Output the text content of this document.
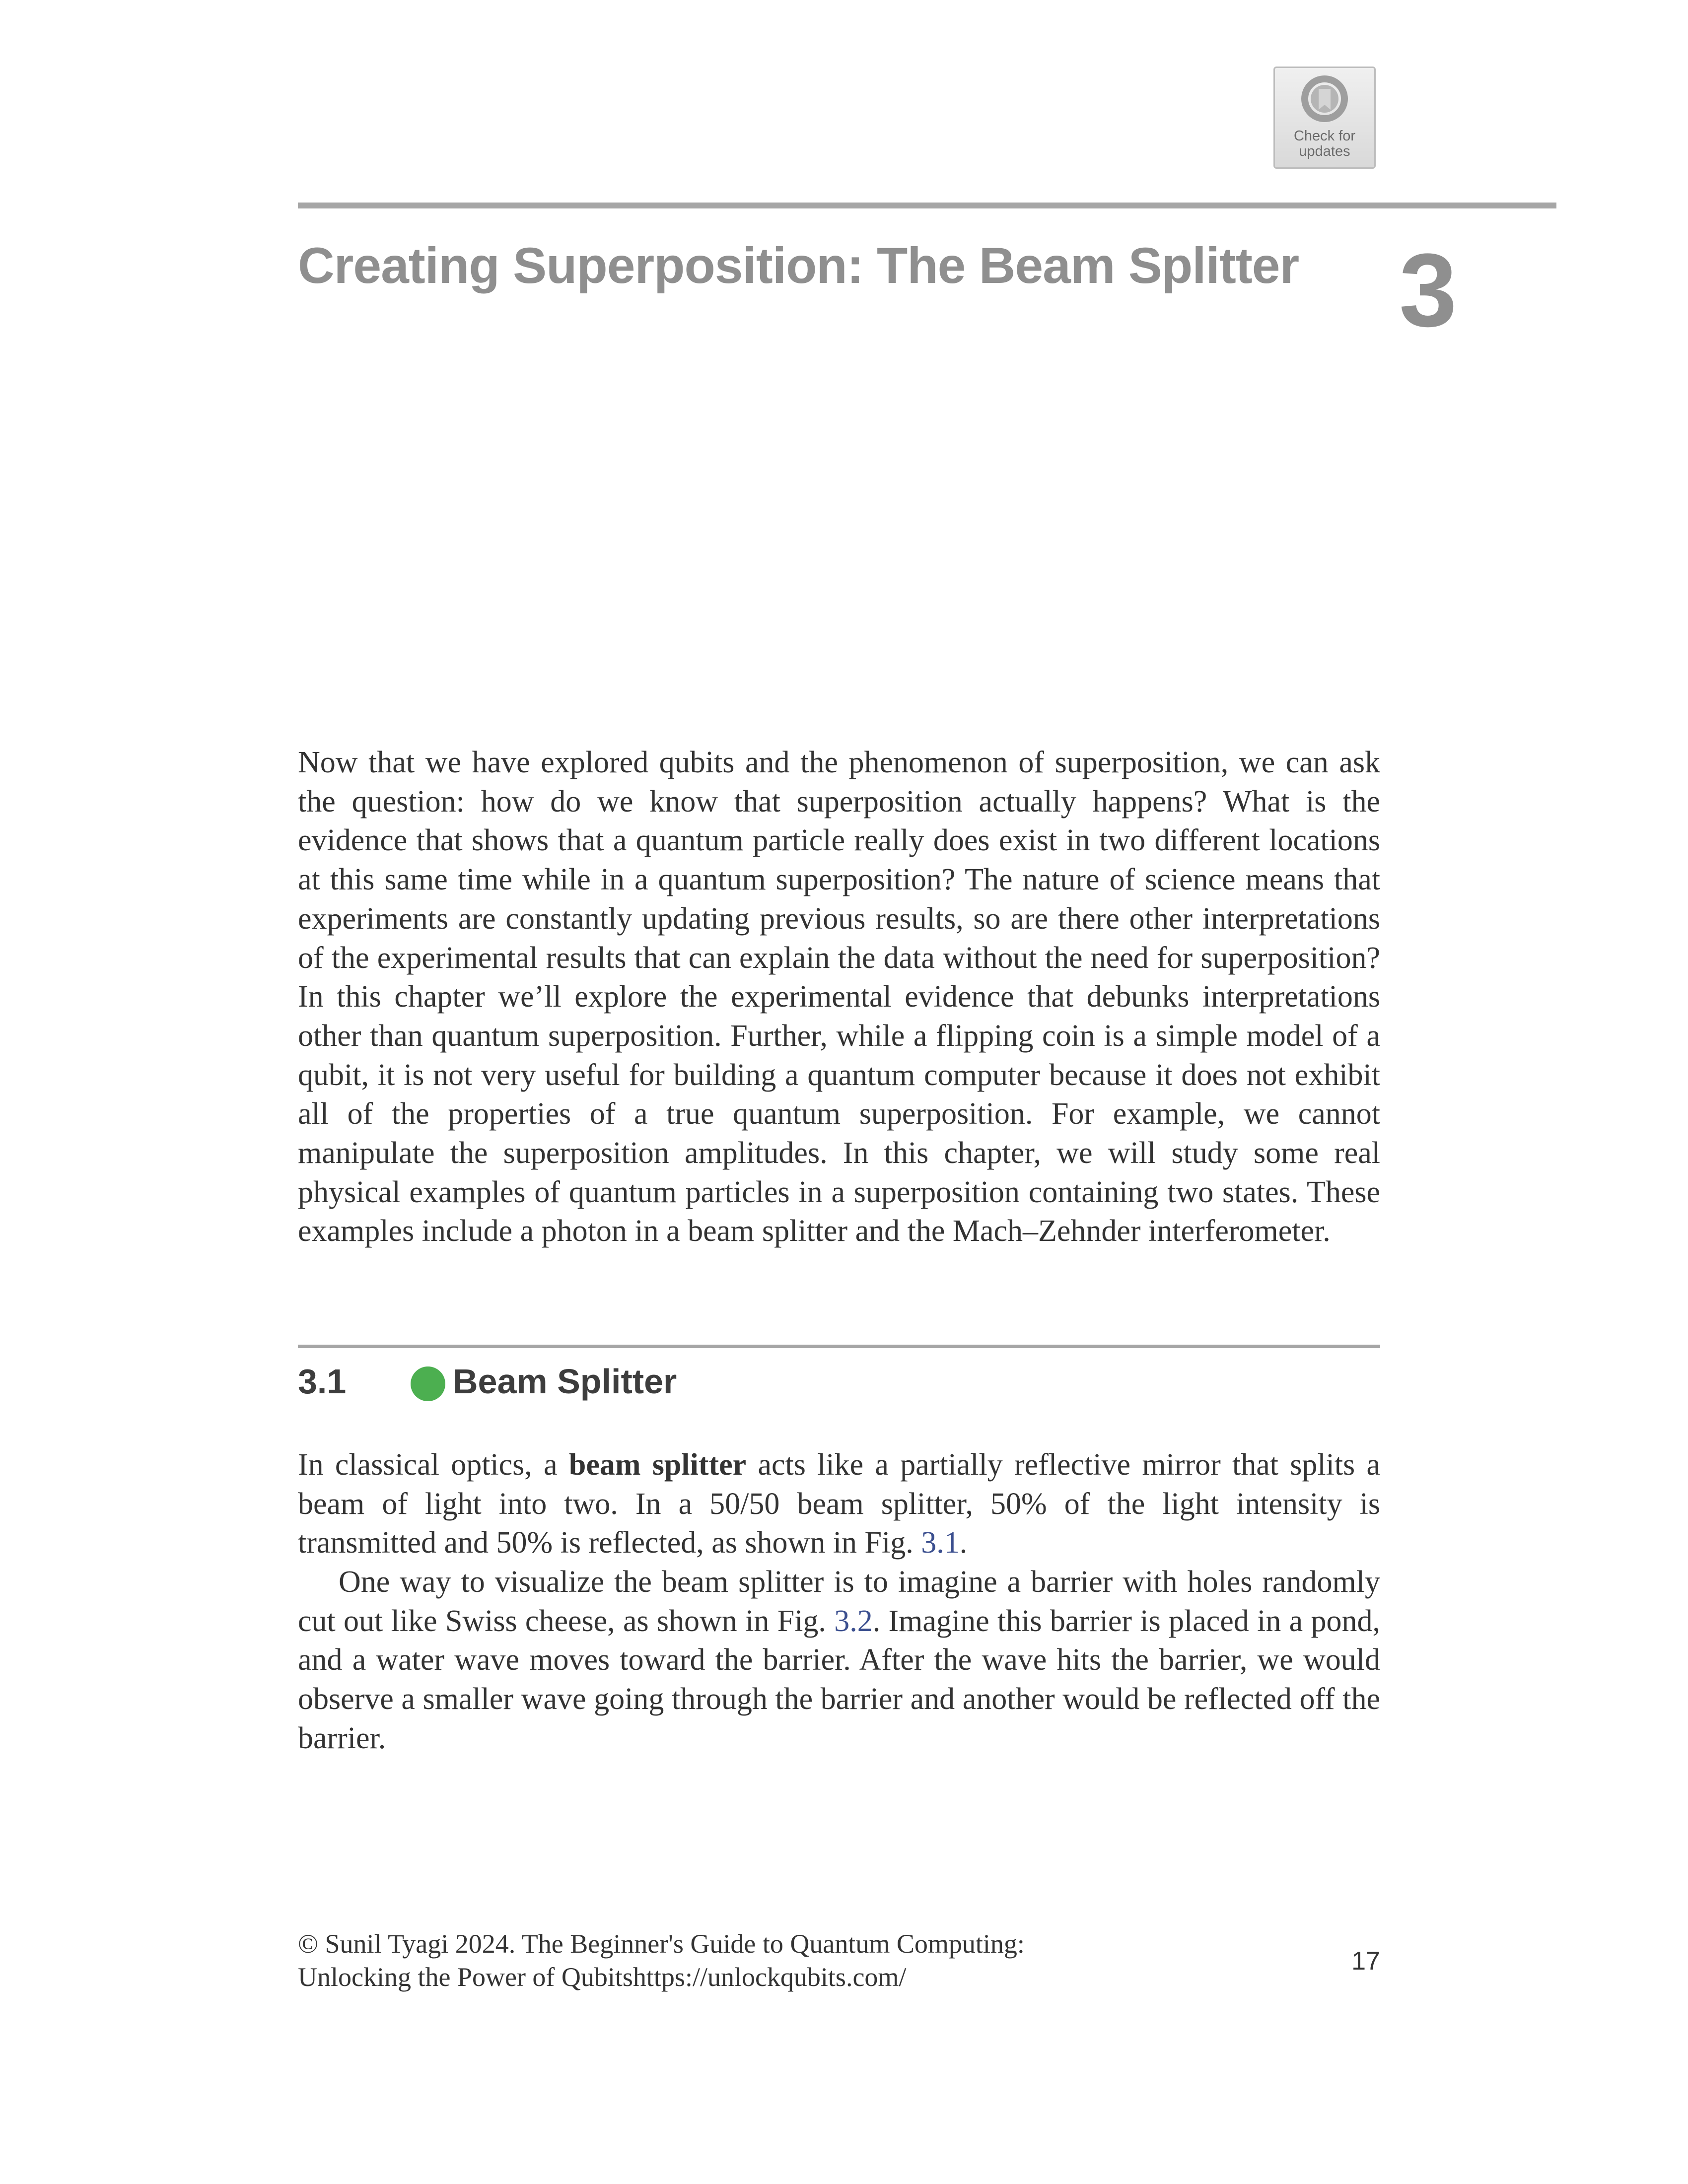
Check for
updates
Creating Superposition: The Beam Splitter 3

Now that we have explored qubits and the phenomenon of superposition, we can ask the question: how do we know that superposition actually happens? What is the evidence that shows that a quantum particle really does exist in two different locations at this same time while in a quantum superposition? The nature of science means that experiments are constantly updating previous results, so are there other interpretations of the experimental results that can explain the data without the need for superposition? In this chapter we’ll explore the experimental evidence that debunks interpretations other than quantum superposition. Further, while a flipping coin is a simple model of a qubit, it is not very useful for building a quantum computer because it does not exhibit all of the properties of a true quantum superposition. For example, we cannot manipulate the superposition amplitudes. In this chapter, we will study some real physical examples of quantum particles in a superposition containing two states. These examples include a photon in a beam splitter and the Mach–Zehnder interferometer.

3.1	Beam Splitter

In classical optics, a beam splitter acts like a partially reflective mirror that splits a beam of light into two. In a 50/50 beam splitter, 50% of the light intensity is transmitted and 50% is reflected, as shown in Fig. 3.1.

One way to visualize the beam splitter is to imagine a barrier with holes randomly cut out like Swiss cheese, as shown in Fig. 3.2. Imagine this barrier is placed in a pond, and a water wave moves toward the barrier. After the wave hits the barrier, we would observe a smaller wave going through the barrier and another would be reflected off the barrier.

© Sunil Tyagi 2024. The Beginner's Guide to Quantum Computing:
Unlocking the Power of Qubitshttps://unlockqubits.com/
17
